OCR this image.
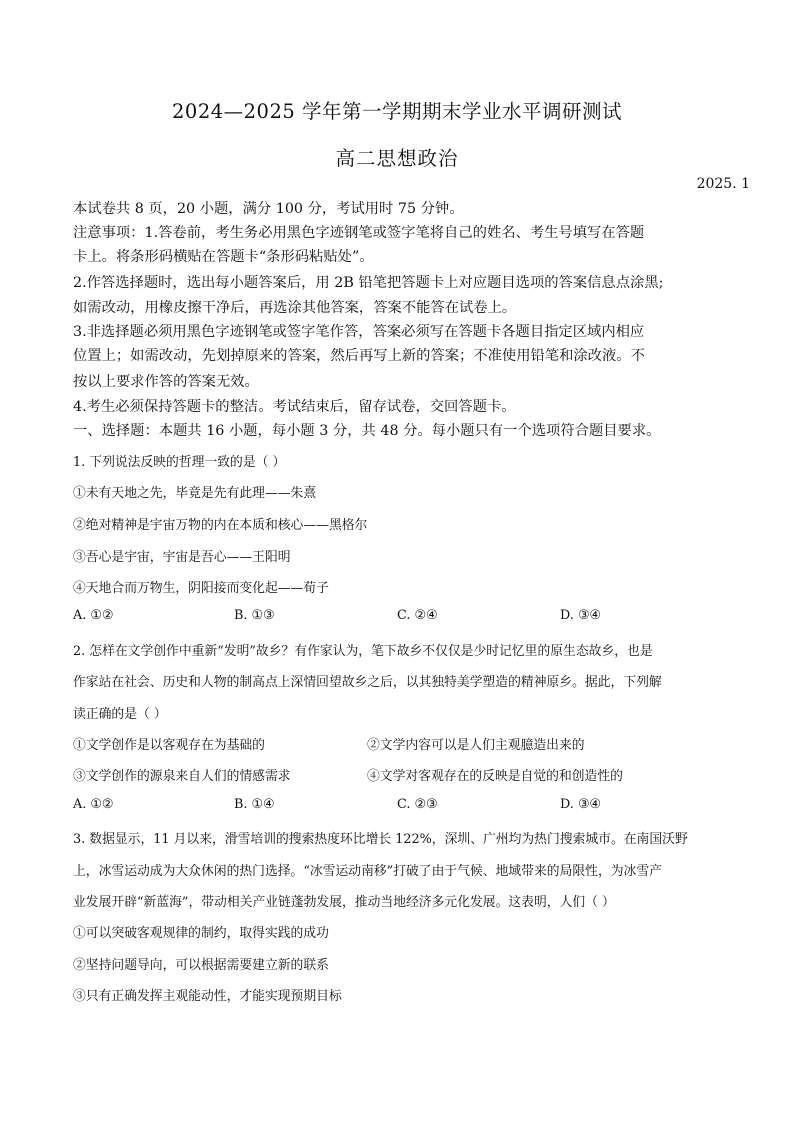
2024—2025 学年第一学期期末学业水平调研测试
高二思想政治
2025. 1
本试卷共 8 页，20 小题，满分 100 分，考试用时 75 分钟。
注意事项：1.答卷前，考生务必用黑色字迹钢笔或签字笔将自己的姓名、考生号填写在答题
卡上。将条形码横贴在答题卡“条形码粘贴处”。
2.作答选择题时，选出每小题答案后，用 2B 铅笔把答题卡上对应题目选项的答案信息点涂黑;
如需改动，用橡皮擦干净后，再选涂其他答案，答案不能答在试卷上。
3.非选择题必须用黑色字迹钢笔或签字笔作答，答案必须写在答题卡各题目指定区域内相应
位置上；如需改动，先划掉原来的答案，然后再写上新的答案；不准使用铅笔和涂改液。不
按以上要求作答的答案无效。
4.考生必须保持答题卡的整洁。考试结束后，留存试卷，交回答题卡。
一、选择题：本题共 16 小题，每小题 3 分，共 48 分。每小题只有一个选项符合题目要求。
1. 下列说法反映的哲理一致的是（ ）
①未有天地之先，毕竟是先有此理——朱熹
②绝对精神是宇宙万物的内在本质和核心——黑格尔
③吾心是宇宙，宇宙是吾心——王阳明
④天地合而万物生，阴阳接而变化起——荀子
A. ①②	B. ①③	C. ②④	D. ③④
2. 怎样在文学创作中重新“发明”故乡？有作家认为，笔下故乡不仅仅是少时记忆里的原生态故乡，也是
作家站在社会、历史和人物的制高点上深情回望故乡之后，以其独特美学塑造的精神原乡。据此，下列解
读正确的是（ ）
①文学创作是以客观存在为基础的	②文学内容可以是人们主观臆造出来的
③文学创作的源泉来自人们的情感需求	④文学对客观存在的反映是自觉的和创造性的
A. ①②	B. ①④	C. ②③	D. ③④
3. 数据显示，11 月以来，滑雪培训的搜索热度环比增长 122%，深圳、广州均为热门搜索城市。在南国沃野
上，冰雪运动成为大众休闲的热门选择。“冰雪运动南移”打破了由于气候、地域带来的局限性，为冰雪产
业发展开辟“新蓝海”，带动相关产业链蓬勃发展，推动当地经济多元化发展。这表明，人们（ ）
①可以突破客观规律的制约，取得实践的成功
②坚持问题导向，可以根据需要建立新的联系
③只有正确发挥主观能动性，才能实现预期目标
